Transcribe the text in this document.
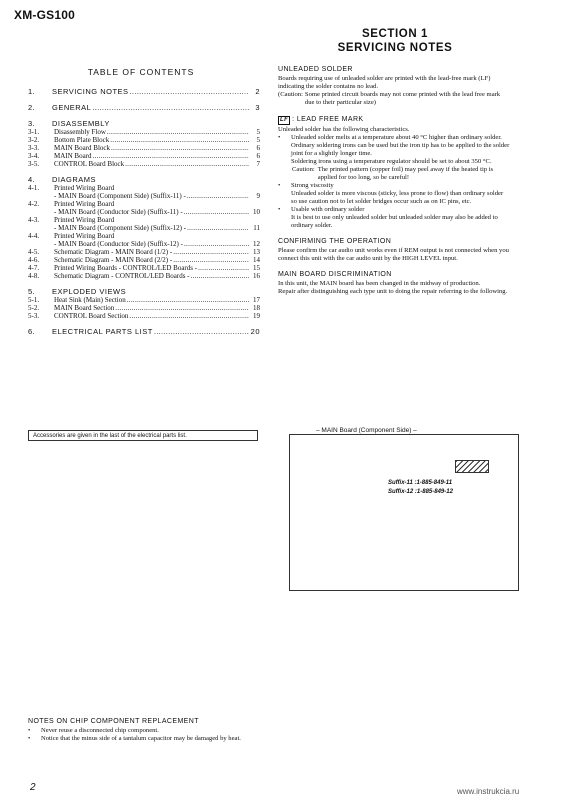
XM-GS100
SECTION 1
SERVICING NOTES
TABLE OF CONTENTS
1.	SERVICING NOTES .....	2
2.	GENERAL .....	3
3.	DISASSEMBLY
3-1.	Disassembly Flow .....	5
3-2.	Bottom Plate Block .....	5
3-3.	MAIN Board Block .....	6
3-4.	MAIN Board .....	6
3-5.	CONTROL Board Block .....	7
4.	DIAGRAMS
4-1.	Printed Wiring Board
- MAIN Board (Component Side) (Suffix-11) - .....	9
4-2.	Printed Wiring Board
- MAIN Board (Conductor Side) (Suffix-11) - .....	10
4-3.	Printed Wiring Board
- MAIN Board (Component Side) (Suffix-12) - .....	11
4-4.	Printed Wiring Board
- MAIN Board (Conductor Side) (Suffix-12) - .....	12
4-5.	Schematic Diagram - MAIN Board (1/2) - .....	13
4-6.	Schematic Diagram - MAIN Board (2/2) - .....	14
4-7.	Printed Wiring Boards - CONTROL/LED Boards - .....	15
4-8.	Schematic Diagram - CONTROL/LED Boards - .....	16
5.	EXPLODED VIEWS
5-1.	Heat Sink (Main) Section .....	17
5-2.	MAIN Board Section .....	18
5-3.	CONTROL Board Section .....	19
6.	ELECTRICAL PARTS LIST .....	20
Accessories are given in the last of the electrical parts list.
UNLEADED SOLDER

Boards requiring use of unleaded solder are printed with the lead-free mark (LF) indicating the solder contains no lead.

(Caution: Some printed circuit boards may not come printed with the lead free mark due to their particular size)
LF : LEAD FREE MARK

Unleaded solder has the following characteristics.

•	Unleaded solder melts at a temperature about 40 °C higher than ordinary solder.
Ordinary soldering irons can be used but the iron tip has to be applied to the solder joint for a slightly longer time.
Soldering irons using a temperature regulator should be set to about 350 °C.
Caution: The printed pattern (copper foil) may peel away if the heated tip is applied for too long, so be careful!
•	Strong viscosity
Unleaded solder is more viscous (sticky, less prone to flow) than ordinary solder so use caution not to let solder bridges occur such as on IC pins, etc.
•	Usable with ordinary solder
It is best to use only unleaded solder but unleaded solder may also be added to ordinary solder.
CONFIRMING THE OPERATION

Please confirm the car audio unit works even if REM output is not connected when you connect this unit with the car audio unit by the HIGH LEVEL input.

MAIN BOARD DISCRIMINATION

In this unit, the MAIN board has been changed in the midway of production.

Repair after distinguishing each type unit to doing the repair referring to the following.

– MAIN Board (Component Side) –
Suffix-11 :1-885-849-11
Suffix-12 :1-885-849-12
NOTES ON CHIP COMPONENT REPLACEMENT
•	Never reuse a disconnected chip component.
•	Notice that the minus side of a tantalum capacitor may be damaged by heat.
2	www.instrukcia.ru
